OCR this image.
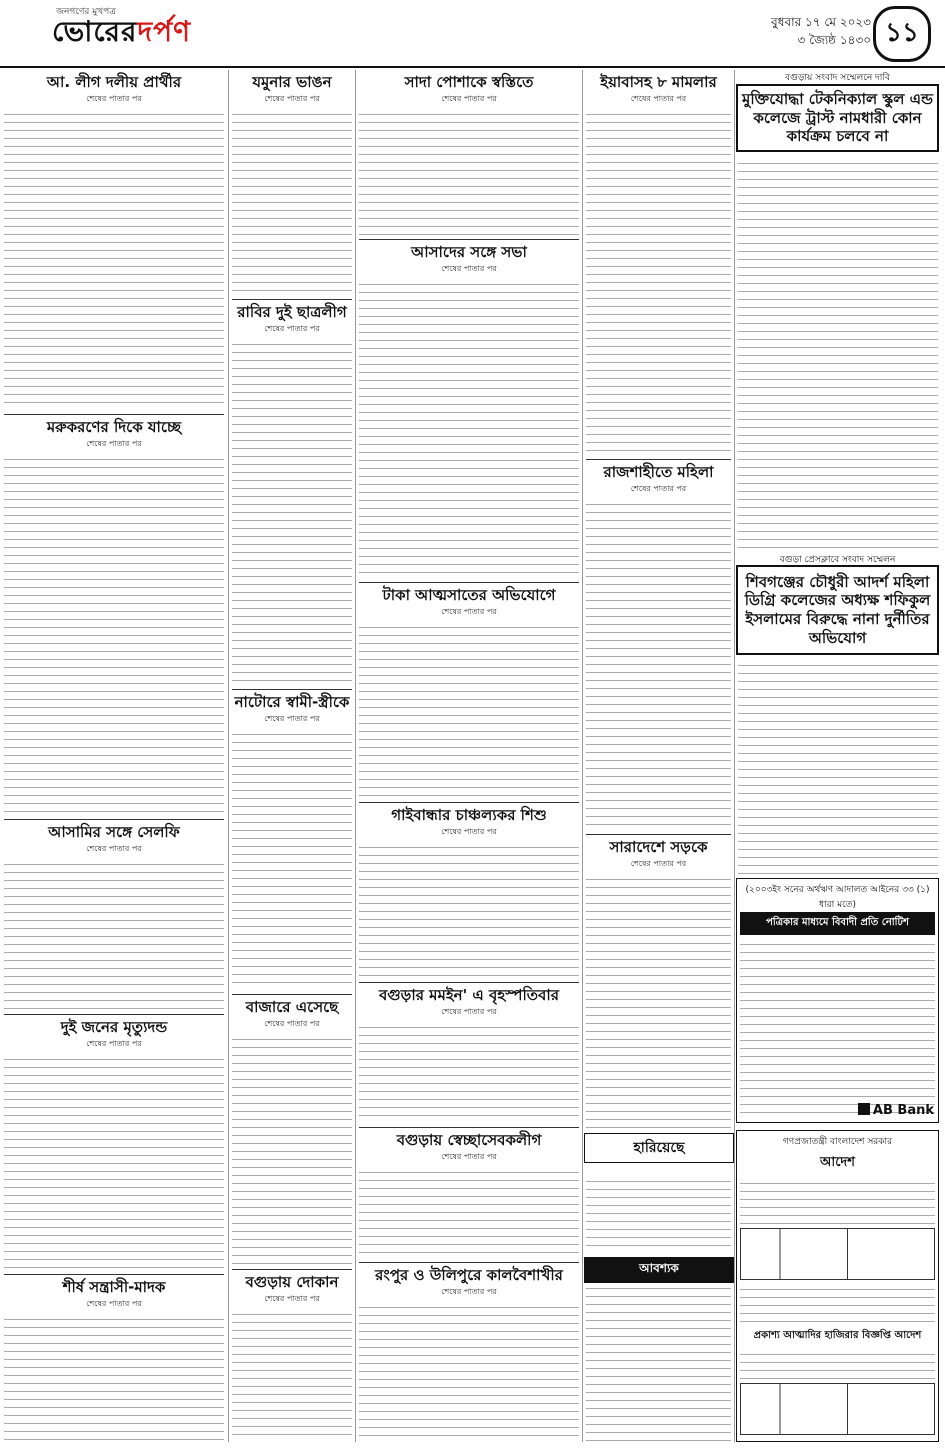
জনগণের মুখপত্র
ভোরেরদর্পণ	বুধবার ১৭ মে ২০২৩
৩ জ্যৈষ্ঠ ১৪৩০ ১১
আ. লীগ দলীয় প্রার্থীর
শেষের পাতার পর
মরুকরণের দিকে যাচ্ছে
শেষের পাতার পর
আসামির সঙ্গে সেলফি
শেষের পাতার পর
দুই জনের মৃত্যুদন্ড
শেষের পাতার পর
শীর্ষ সন্ত্রাসী-মাদক
শেষের পাতার পর
যমুনার ভাঙন
শেষের পাতার পর
রাবির দুই ছাত্রলীগ
শেষের পাতার পর
নাটোরে স্বামী-স্ত্রীকে
শেষের পাতার পর
বাজারে এসেছে
শেষের পাতার পর
বগুড়ায় দোকান
শেষের পাতার পর
সাদা পোশাকে স্বস্তিতে
শেষের পাতার পর
আসাদের সঙ্গে সভা
শেষের পাতার পর
টাকা আত্মসাতের অভিযোগে
শেষের পাতার পর
গাইবান্ধার চাঞ্চল্যকর শিশু
শেষের পাতার পর
বগুড়ার মমইন' এ বৃহস্পতিবার
শেষের পাতার পর
বগুড়ায় স্বেচ্ছাসেবকলীগ
শেষের পাতার পর
রংপুর ও উলিপুরে কালবৈশাখীর
শেষের পাতার পর
ইয়াবাসহ ৮ মামলার
শেষের পাতার পর
রাজশাহীতে মহিলা
শেষের পাতার পর
সারাদেশে সড়কে
শেষের পাতার পর
হারিয়েছে
আবশ্যক
বগুড়ায় সংবাদ সম্মেলনে দাবি
মুক্তিযোদ্ধা টেকনিক্যাল স্কুল এন্ড কলেজে ট্রাস্ট নামধারী কোন কার্যক্রম চলবে না
বগুড়া প্রেসক্লাবে সংবাদ সম্মেলন
শিবগঞ্জের চৌধুরী আদর্শ মহিলা ডিগ্রি কলেজের অধ্যক্ষ শফিকুল ইসলামের বিরুদ্ধে নানা দুর্নীতির অভিযোগ
(২০০৩ইং সনের অর্থঋণ আদালত আইনের ৩৩ (১) ধারা মতে)
পত্রিকার মাধ্যমে বিবাদী প্রতি নোটিশ
AB Bank
গণপ্রজাতন্ত্রী বাংলাদেশ সরকার
আদেশ
প্রকাশ্য আত্মাদির হাজিরার বিজ্ঞপ্তি আদেশ
